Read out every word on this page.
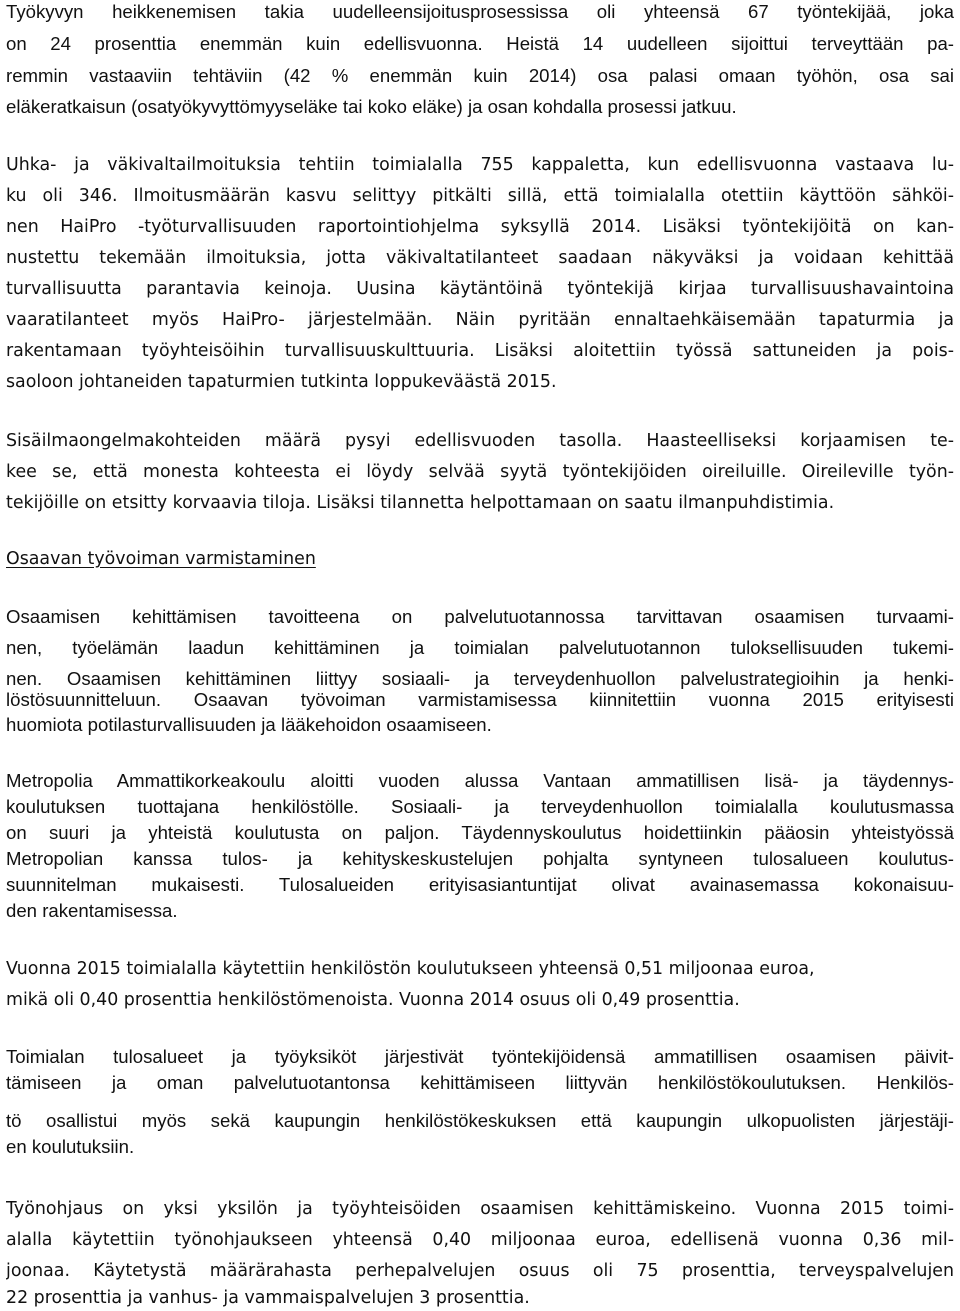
Työkyvyn heikkenemisen takia uudelleensijoitusprosessissa oli yhteensä 67 työntekijää, joka
on 24 prosenttia enemmän kuin edellisvuonna. Heistä 14 uudelleen sijoittui terveyttään pa-
remmin vastaaviin tehtäviin (42 % enemmän kuin 2014) osa palasi omaan työhön, osa sai
eläkeratkaisun (osatyökyvyttömyyseläke tai koko eläke) ja osan kohdalla prosessi jatkuu.
Uhka- ja väkivaltailmoituksia tehtiin toimialalla 755 kappaletta, kun edellisvuonna vastaava lu-
ku oli 346. Ilmoitusmäärän kasvu selittyy pitkälti sillä, että toimialalla otettiin käyttöön sähköi-
nen HaiPro -työturvallisuuden raportointiohjelma syksyllä 2014. Lisäksi työntekijöitä on kan-
nustettu tekemään ilmoituksia, jotta väkivaltatilanteet saadaan näkyväksi ja voidaan kehittää
turvallisuutta parantavia keinoja. Uusina käytäntöinä työntekijä kirjaa turvallisuushavaintoina
vaaratilanteet myös HaiPro- järjestelmään. Näin pyritään ennaltaehkäisemään tapaturmia ja
rakentamaan työyhteisöihin turvallisuuskulttuuria. Lisäksi aloitettiin työssä sattuneiden ja pois-
saoloon johtaneiden tapaturmien tutkinta loppukeväästä 2015.
Sisäilmaongelmakohteiden määrä pysyi edellisvuoden tasolla. Haasteelliseksi korjaamisen te-
kee se, että monesta kohteesta ei löydy selvää syytä työntekijöiden oireiluille. Oireileville työn-
tekijöille on etsitty korvaavia tiloja. Lisäksi tilannetta helpottamaan on saatu ilmanpuhdistimia.
Osaavan työvoiman varmistaminen
Osaamisen kehittämisen tavoitteena on palvelutuotannossa tarvittavan osaamisen turvaami-
nen, työelämän laadun kehittäminen ja toimialan palvelutuotannon tuloksellisuuden tukemi-
nen. Osaamisen kehittäminen liittyy sosiaali- ja terveydenhuollon palvelustrategioihin ja henki-
löstösuunnitteluun. Osaavan työvoiman varmistamisessa kiinnitettiin vuonna 2015 erityisesti
huomiota potilasturvallisuuden ja lääkehoidon osaamiseen.
Metropolia Ammattikorkeakoulu aloitti vuoden alussa Vantaan ammatillisen lisä- ja täydennys-
koulutuksen tuottajana henkilöstölle. Sosiaali- ja terveydenhuollon toimialalla koulutusmassa
on suuri ja yhteistä koulutusta on paljon. Täydennyskoulutus hoidettiinkin pääosin yhteistyössä
Metropolian kanssa tulos- ja kehityskeskustelujen pohjalta syntyneen tulosalueen koulutus-
suunnitelman mukaisesti. Tulosalueiden erityisasiantuntijat olivat avainasemassa kokonaisuu-
den rakentamisessa.
Vuonna 2015 toimialalla käytettiin henkilöstön koulutukseen yhteensä 0,51 miljoonaa euroa,
mikä oli 0,40 prosenttia henkilöstömenoista. Vuonna 2014 osuus oli 0,49 prosenttia.
Toimialan tulosalueet ja työyksiköt järjestivät työntekijöidensä ammatillisen osaamisen päivit-
tämiseen ja oman palvelutuotantonsa kehittämiseen liittyvän henkilöstökoulutuksen. Henkilös-
tö osallistui myös sekä kaupungin henkilöstökeskuksen että kaupungin ulkopuolisten järjestäji-
en koulutuksiin.
Työnohjaus on yksi yksilön ja työyhteisöiden osaamisen kehittämiskeino. Vuonna 2015 toimi-
alalla käytettiin työnohjaukseen yhteensä 0,40 miljoonaa euroa, edellisenä vuonna 0,36 mil-
joonaa. Käytetystä määrärahasta perhepalvelujen osuus oli 75 prosenttia, terveyspalvelujen
22 prosenttia ja vanhus- ja vammaispalvelujen 3 prosenttia.
